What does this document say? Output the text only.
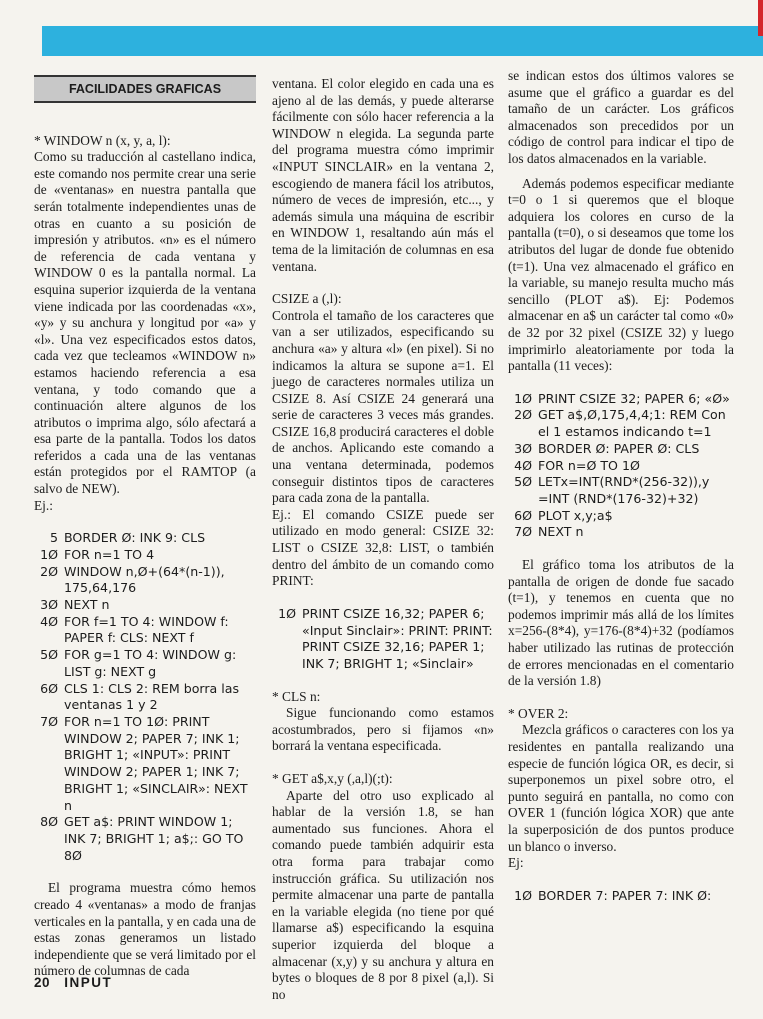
FACILIDADES GRAFICAS

* WINDOW n (x, y, a, l):

Como su traducción al castellano indica, este comando nos permite crear una serie de «ventanas» en nuestra pantalla que serán totalmente independientes unas de otras en cuanto a su posición de impresión y atributos. «n» es el número de referencia de cada ventana y WINDOW 0 es la pantalla normal. La esquina superior izquierda de la ventana viene indicada por las coordenadas «x», «y» y su anchura y longitud por «a» y «l». Una vez especificados estos datos, cada vez que tecleamos «WINDOW n» estamos haciendo referencia a esa ventana, y todo comando que a continuación altere algunos de los atributos o imprima algo, sólo afectará a esa parte de la pantalla. Todos los datos referidos a cada una de las ventanas están protegidos por el RAMTOP (a salvo de NEW).

Ej.:

5 BORDER Ø: INK 9: CLS
1Ø FOR n=1 TO 4
2Ø WINDOW n,Ø+(64*(n-1)), 175,64,176
3Ø NEXT n
4Ø FOR f=1 TO 4: WINDOW f: PAPER f: CLS: NEXT f
5Ø FOR g=1 TO 4: WINDOW g: LIST g: NEXT g
6Ø CLS 1: CLS 2: REM borra las ventanas 1 y 2
7Ø FOR n=1 TO 1Ø: PRINT WINDOW 2; PAPER 7; INK 1; BRIGHT 1; «INPUT»: PRINT WINDOW 2; PAPER 1; INK 7; BRIGHT 1; «SINCLAIR»: NEXT n
8Ø GET a$: PRINT WINDOW 1; INK 7; BRIGHT 1; a$;: GO TO 8Ø

El programa muestra cómo hemos creado 4 «ventanas» a modo de franjas verticales en la pantalla, y en cada una de estas zonas generamos un listado independiente que se verá limitado por el número de columnas de cada

ventana. El color elegido en cada una es ajeno al de las demás, y puede alterarse fácilmente con sólo hacer referencia a la WINDOW n elegida. La segunda parte del programa muestra cómo imprimir «INPUT SINCLAIR» en la ventana 2, escogiendo de manera fácil los atributos, número de veces de impresión, etc..., y además simula una máquina de escribir en WINDOW 1, resaltando aún más el tema de la limitación de columnas en esa ventana.

CSIZE a (,l):

Controla el tamaño de los caracteres que van a ser utilizados, especificando su anchura «a» y altura «l» (en pixel). Si no indicamos la altura se supone a=1. El juego de caracteres normales utiliza un CSIZE 8. Así CSIZE 24 generará una serie de caracteres 3 veces más grandes. CSIZE 16,8 producirá caracteres el doble de anchos. Aplicando este comando a una ventana determinada, podemos conseguir distintos tipos de caracteres para cada zona de la pantalla.

Ej.: El comando CSIZE puede ser utilizado en modo general: CSIZE 32: LIST o CSIZE 32,8: LIST, o también dentro del ámbito de un comando como PRINT:

1Ø PRINT CSIZE 16,32; PAPER 6; «Input Sinclair»: PRINT: PRINT: PRINT CSIZE 32,16; PAPER 1; INK 7; BRIGHT 1; «Sinclair»

* CLS n:

Sigue funcionando como estamos acostumbrados, pero si fijamos «n» borrará la ventana especificada.

* GET a$,x,y (,a,l)(;t):

Aparte del otro uso explicado al hablar de la versión 1.8, se han aumentado sus funciones. Ahora el comando puede también adquirir esta otra forma para trabajar como instrucción gráfica. Su utilización nos permite almacenar una parte de pantalla en la variable elegida (no tiene por qué llamarse a$) especificando la esquina superior izquierda del bloque a almacenar (x,y) y su anchura y altura en bytes o bloques de 8 por 8 pixel (a,l). Si no

se indican estos dos últimos valores se asume que el gráfico a guardar es del tamaño de un carácter. Los gráficos almacenados son precedidos por un código de control para indicar el tipo de los datos almacenados en la variable.

Además podemos especificar mediante t=0 o 1 si queremos que el bloque adquiera los colores en curso de la pantalla (t=0), o si deseamos que tome los atributos del lugar de donde fue obtenido (t=1). Una vez almacenado el gráfico en la variable, su manejo resulta mucho más sencillo (PLOT a$). Ej: Podemos almacenar en a$ un carácter tal como «0» de 32 por 32 pixel (CSIZE 32) y luego imprimirlo aleatoriamente por toda la pantalla (11 veces):

1Ø PRINT CSIZE 32; PAPER 6; «Ø»
2Ø GET a$,Ø,175,4,4;1: REM Con el 1 estamos indicando t=1
3Ø BORDER Ø: PAPER Ø: CLS
4Ø FOR n=Ø TO 1Ø
5Ø LETx=INT(RND*(256-32)),y =INT (RND*(176-32)+32)
6Ø PLOT x,y;a$
7Ø NEXT n

El gráfico toma los atributos de la pantalla de origen de donde fue sacado (t=1), y tenemos en cuenta que no podemos imprimir más allá de los límites x=256-(8*4), y=176-(8*4)+32 (podíamos haber utilizado las rutinas de protección de errores mencionadas en el comentario de la versión 1.8)

* OVER 2:

Mezcla gráficos o caracteres con los ya residentes en pantalla realizando una especie de función lógica OR, es decir, si superponemos un pixel sobre otro, el punto seguirá en pantalla, no como con OVER 1 (función lógica XOR) que ante la superposición de dos puntos produce un blanco o inverso.

Ej:

1Ø BORDER 7: PAPER 7: INK Ø:
20 INPUT
